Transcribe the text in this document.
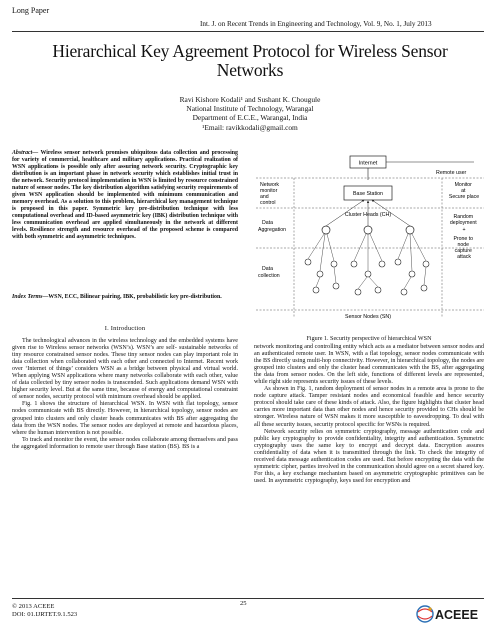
Long Paper
Int. J. on Recent Trends in Engineering and Technology, Vol. 9, No. 1, July 2013
Hierarchical Key Agreement Protocol for Wireless Sensor Networks
Ravi Kishore Kodali¹ and Sushant K. Chougule
National Institute of Technology, Warangal
Department of E.C.E., Warangal, India
¹Email: ravikkodali@gmail.com
Abstract— Wireless sensor network promises ubiquitous data collection and processing for variety of commercial, healthcare and military applications. Practical realization of WSN applications is possible only after assuring network security. Cryptographic key distribution is an important phase in network security which establishes initial trust in the network. Security protocol implementation in WSN is limited by resource constrained nature of sensor nodes. The key distribution algorithm satisfying security requirements of given WSN application should be implemented with minimum communication and memory overhead. As a solution to this problem, hierarchical key management technique is proposed in this paper. Symmetric key pre-distribution technique with less computational overhead and ID-based asymmetric key (IBK) distribution technique with less communication overhead are applied simultaneously in the network at different levels. Resilience strength and resource overhead of the proposed scheme is compared with both symmetric and asymmetric techniques.
Index Terms—WSN, ECC, Bilinear pairing, IBK, probabilistic key pre-distribution.
I. Introduction

The technological advances in the wireless technology and the embedded systems have given rise to Wireless sensor networks (WSN’s). WSN’s are self- sustainable networks of tiny resource constrained sensor nodes. These tiny sensor nodes can play important role in data collection when collaborated with each other and connected to Internet. Recent work over ‘Internet of things’ considers WSN as a bridge between physical and virtual world. When applying WSN applications where many networks collaborate with each other, value of data collected by tiny sensor nodes is transcended. Such applications demand WSN with higher security level. But at the same time, because of energy and computational constraint of sensor nodes, security protocol with minimum overhead should be applied.

Fig. 1 shows the structure of hierarchical WSN. In WSN with flat topology, sensor nodes communicate with BS directly. However, in hierarchical topology, sensor nodes are grouped into clusters and only cluster heads communicates with BS after aggregating the data from the WSN nodes. The sensor nodes are deployed at remote and hazardous places, where the human intervention is not possible.

To track and monitor the event, the sensor nodes collaborate among themselves and pass the aggregated information to remote user through Base station (BS). BS is a

Internet
Remote user
Network monitor and control
Data Aggregation
Data collection
Base Station
Cluster Heads (CH)
Sensor Nodes (SN)
Monitor at Secure place
Random deployment +
Prone to node capture attack
Figure 1. Security perspective of hierarchical WSN

network monitoring and controlling entity which acts as a mediator between sensor nodes and an authenticated remote user. In WSN, with a flat topology, sensor nodes communicate with the BS directly using multi-hop connectivity. However, in hierarchical topology, the nodes are grouped into clusters and only the cluster head communicates with the BS, after aggregating the data from sensor nodes. On the left side, functions of different levels are represented, while right side represents security issues of these levels.

As shown in Fig. 1, random deployment of sensor nodes in a remote area is prone to the node capture attack. Tamper resistant nodes and economical feasible and hence security protocol should take care of these kinds of attack. Also, the figure highlights that cluster head carries more important data than other nodes and hence security provided to CHs should be stronger. Wireless nature of WSN makes it more susceptible to eavesdropping. To deal with all these security issues, security protocol specific for WSNs is required.

Network security relies on symmetric cryptography, message authentication code and public key cryptography to provide confidentiality, integrity and authentication. Symmetric cryptography uses the same key to encrypt and decrypt data. Encryption assures confidentiality of data when it is transmitted through the link. To check the integrity of received data message authentication codes are used. But before encrypting the data with the symmetric cipher, parties involved in the communication should agree on a secret shared key. For this, a key exchange mechanism based on asymmetric cryptographic primitives can be used. In asymmetric cryptography, keys used for encryption and

© 2013 ACEEE
DOI: 01.IJRTET.9.1.523
25
ACEEE
